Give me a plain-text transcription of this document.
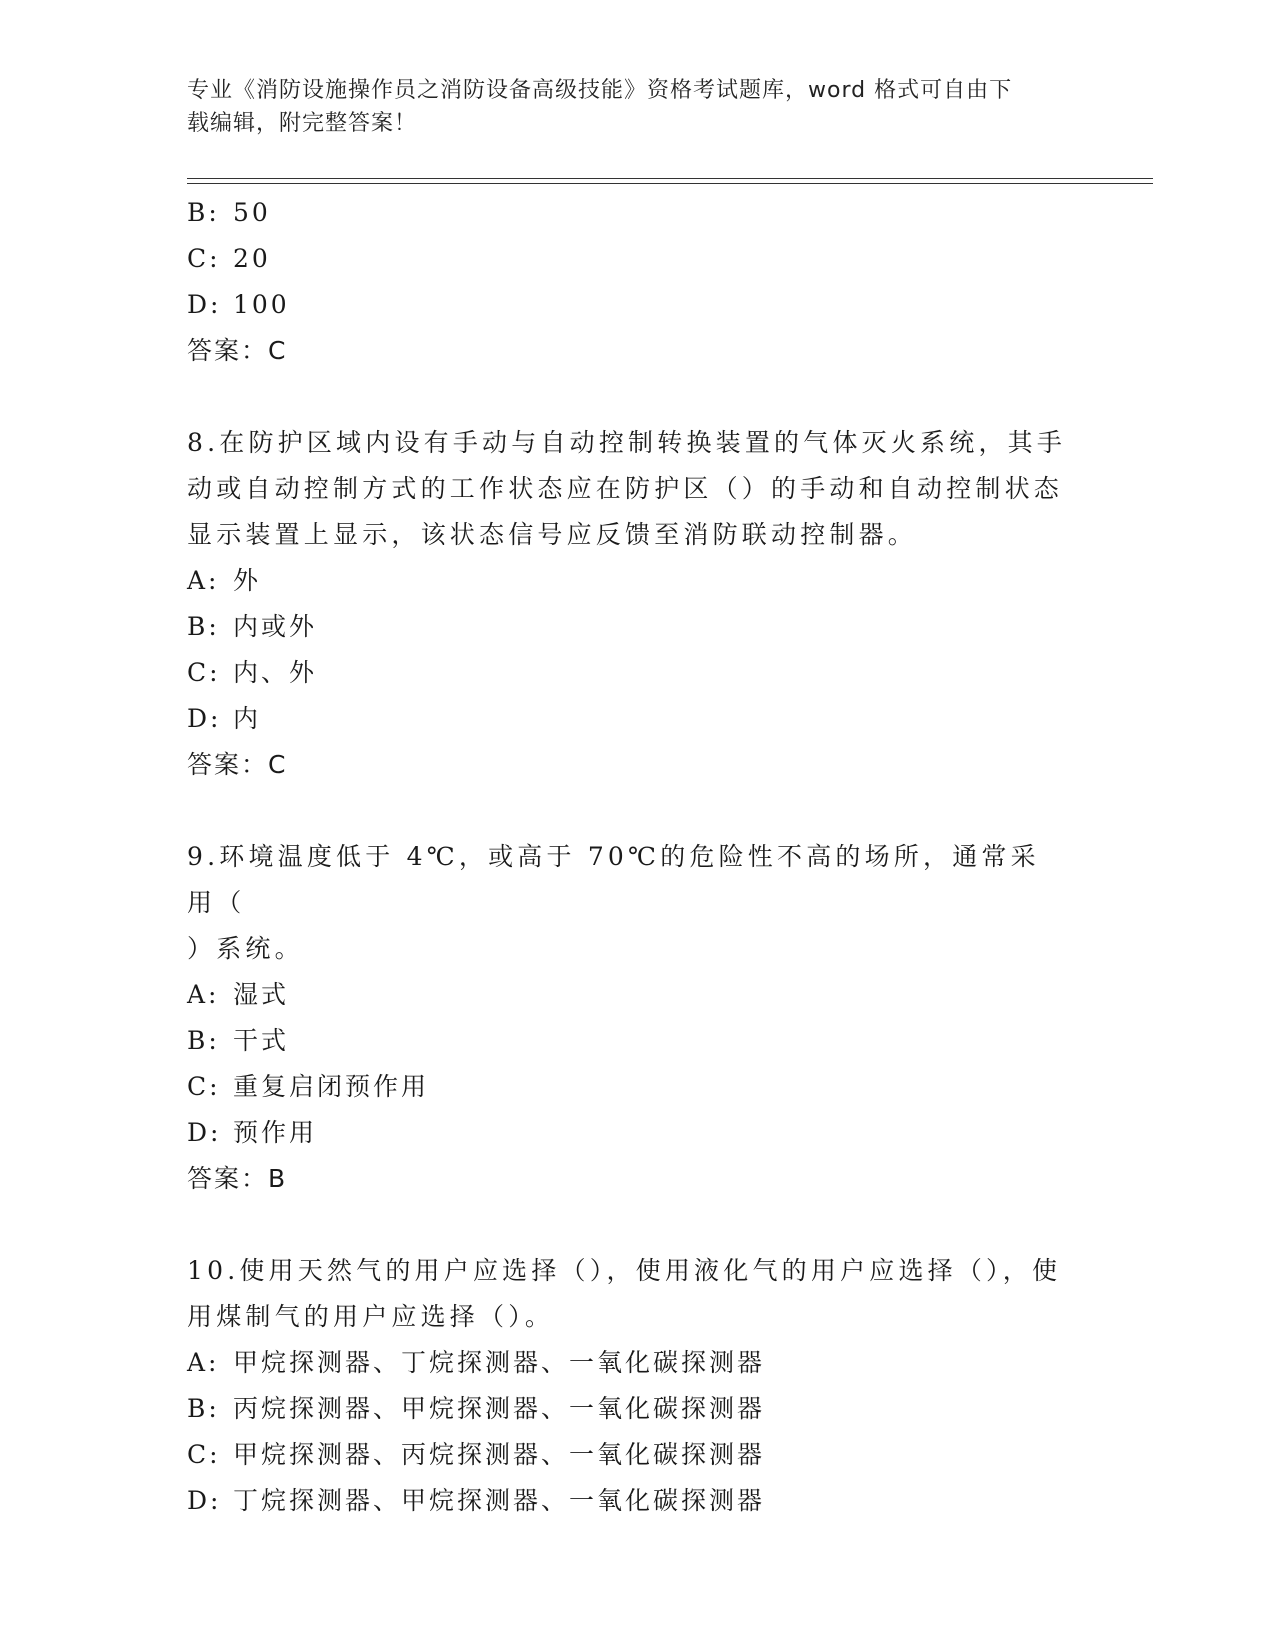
专业《消防设施操作员之消防设备高级技能》资格考试题库，word 格式可自由下
载编辑，附完整答案！
B: 50
C: 20
D: 100
答案：C
8.在防护区域内设有手动与自动控制转换装置的气体灭火系统，其手
动或自动控制方式的工作状态应在防护区（）的手动和自动控制状态
显示装置上显示，该状态信号应反馈至消防联动控制器。
A: 外
B: 内或外
C: 内、外
D: 内
答案：C
9.环境温度低于 4℃，或高于 70℃的危险性不高的场所，通常采用（
）系统。
A: 湿式
B: 干式
C: 重复启闭预作用
D: 预作用
答案：B
10.使用天然气的用户应选择（），使用液化气的用户应选择（），使
用煤制气的用户应选择（）。
A: 甲烷探测器、丁烷探测器、一氧化碳探测器
B: 丙烷探测器、甲烷探测器、一氧化碳探测器
C: 甲烷探测器、丙烷探测器、一氧化碳探测器
D: 丁烷探测器、甲烷探测器、一氧化碳探测器
